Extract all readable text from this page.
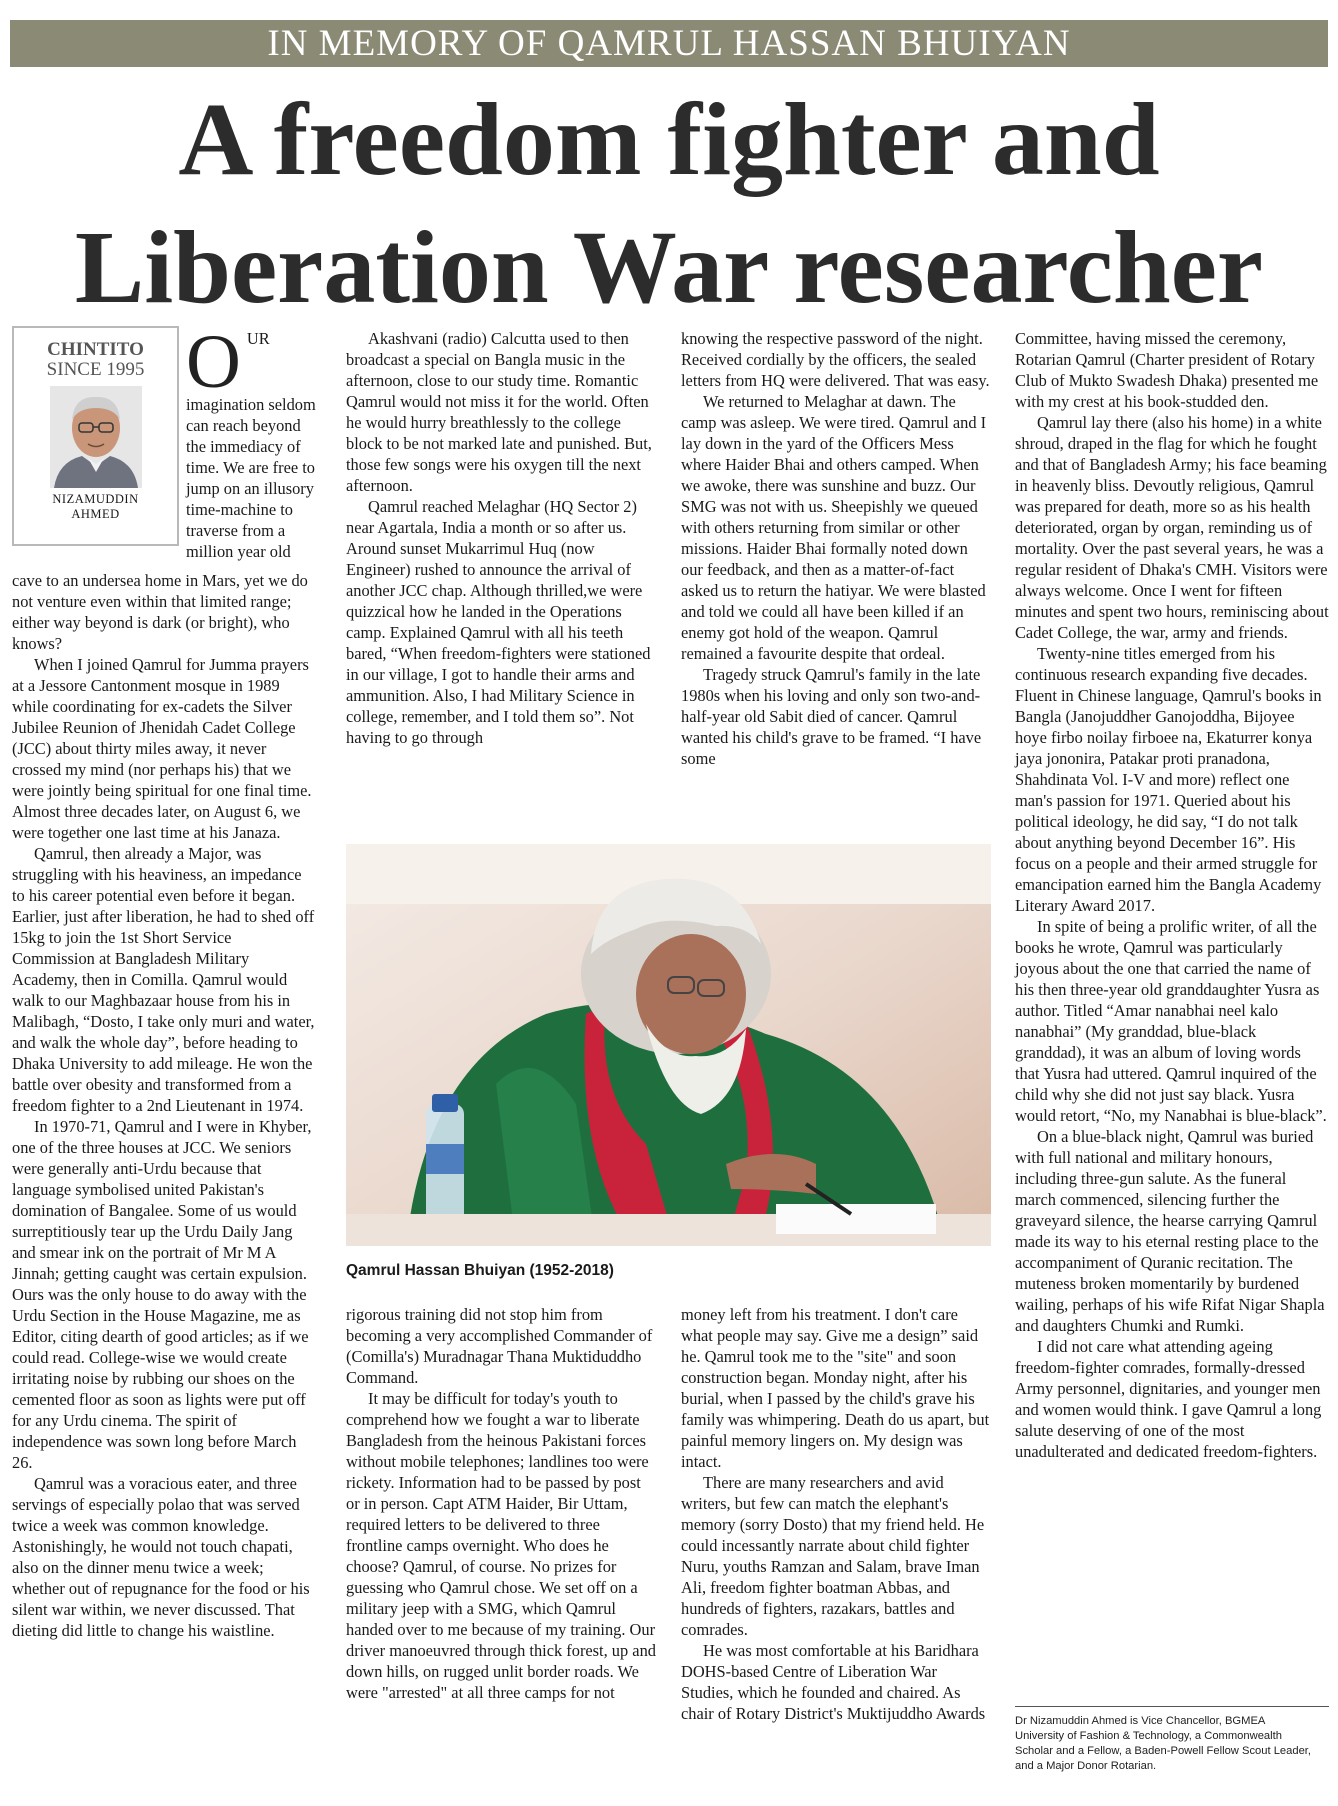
IN MEMORY OF QAMRUL HASSAN BHUIYAN
A freedom fighter and
Liberation War researcher
CHINTITO
SINCE 1995
NIZAMUDDIN
AHMED
OUR imagination seldom can reach beyond the immediacy of time. We are free to jump on an illusory time-machine to traverse from a million year old

cave to an undersea home in Mars, yet we do not venture even within that limited range; either way beyond is dark (or bright), who knows?

When I joined Qamrul for Jumma prayers at a Jessore Cantonment mosque in 1989 while coordinating for ex-cadets the Silver Jubilee Reunion of Jhenidah Cadet College (JCC) about thirty miles away, it never crossed my mind (nor perhaps his) that we were jointly being spiritual for one final time. Almost three decades later, on August 6, we were together one last time at his Janaza.

Qamrul, then already a Major, was struggling with his heaviness, an impedance to his career potential even before it began. Earlier, just after liberation, he had to shed off 15kg to join the 1st Short Service Commission at Bangladesh Military Academy, then in Comilla. Qamrul would walk to our Maghbazaar house from his in Malibagh, “Dosto, I take only muri and water, and walk the whole day”, before heading to Dhaka University to add mileage. He won the battle over obesity and transformed from a freedom fighter to a 2nd Lieutenant in 1974.

In 1970-71, Qamrul and I were in Khyber, one of the three houses at JCC. We seniors were generally anti-Urdu because that language symbolised united Pakistan's domination of Bangalee. Some of us would surreptitiously tear up the Urdu Daily Jang and smear ink on the portrait of Mr M A Jinnah; getting caught was certain expulsion. Ours was the only house to do away with the Urdu Section in the House Magazine, me as Editor, citing dearth of good articles; as if we could read. College-wise we would create irritating noise by rubbing our shoes on the cemented floor as soon as lights were put off for any Urdu cinema. The spirit of independence was sown long before March 26.

Qamrul was a voracious eater, and three servings of especially polao that was served twice a week was common knowledge. Astonishingly, he would not touch chapati, also on the dinner menu twice a week; whether out of repugnance for the food or his silent war within, we never discussed. That dieting did little to change his waistline.

Akashvani (radio) Calcutta used to then broadcast a special on Bangla music in the afternoon, close to our study time. Romantic Qamrul would not miss it for the world. Often he would hurry breathlessly to the college block to be not marked late and punished. But, those few songs were his oxygen till the next afternoon.

Qamrul reached Melaghar (HQ Sector 2) near Agartala, India a month or so after us. Around sunset Mukarrimul Huq (now Engineer) rushed to announce the arrival of another JCC chap. Although thrilled,we were quizzical how he landed in the Operations camp. Explained Qamrul with all his teeth bared, “When freedom-fighters were stationed in our village, I got to handle their arms and ammunition. Also, I had Military Science in college, remember, and I told them so”. Not having to go through

knowing the respective password of the night. Received cordially by the officers, the sealed letters from HQ were delivered. That was easy.

We returned to Melaghar at dawn. The camp was asleep. We were tired. Qamrul and I lay down in the yard of the Officers Mess where Haider Bhai and others camped. When we awoke, there was sunshine and buzz. Our SMG was not with us. Sheepishly we queued with others returning from similar or other missions. Haider Bhai formally noted down our feedback, and then as a matter-of-fact asked us to return the hatiyar. We were blasted and told we could all have been killed if an enemy got hold of the weapon. Qamrul remained a favourite despite that ordeal.

Tragedy struck Qamrul's family in the late 1980s when his loving and only son two-and-half-year old Sabit died of cancer. Qamrul wanted his child's grave to be framed. “I have some

Qamrul Hassan Bhuiyan (1952-2018)

rigorous training did not stop him from becoming a very accomplished Commander of (Comilla's) Muradnagar Thana Muktiduddho Command.

It may be difficult for today's youth to comprehend how we fought a war to liberate Bangladesh from the heinous Pakistani forces without mobile telephones; landlines too were rickety. Information had to be passed by post or in person. Capt ATM Haider, Bir Uttam, required letters to be delivered to three frontline camps overnight. Who does he choose? Qamrul, of course. No prizes for guessing who Qamrul chose. We set off on a military jeep with a SMG, which Qamrul handed over to me because of my training. Our driver manoeuvred through thick forest, up and down hills, on rugged unlit border roads. We were "arrested" at all three camps for not

money left from his treatment. I don't care what people may say. Give me a design” said he. Qamrul took me to the "site" and soon construction began. Monday night, after his burial, when I passed by the child's grave his family was whimpering. Death do us apart, but painful memory lingers on. My design was intact.

There are many researchers and avid writers, but few can match the elephant's memory (sorry Dosto) that my friend held. He could incessantly narrate about child fighter Nuru, youths Ramzan and Salam, brave Iman Ali, freedom fighter boatman Abbas, and hundreds of fighters, razakars, battles and comrades.

He was most comfortable at his Baridhara DOHS-based Centre of Liberation War Studies, which he founded and chaired. As chair of Rotary District's Muktijuddho Awards

Committee, having missed the ceremony, Rotarian Qamrul (Charter president of Rotary Club of Mukto Swadesh Dhaka) presented me with my crest at his book-studded den.

Qamrul lay there (also his home) in a white shroud, draped in the flag for which he fought and that of Bangladesh Army; his face beaming in heavenly bliss. Devoutly religious, Qamrul was prepared for death, more so as his health deteriorated, organ by organ, reminding us of mortality. Over the past several years, he was a regular resident of Dhaka's CMH. Visitors were always welcome. Once I went for fifteen minutes and spent two hours, reminiscing about Cadet College, the war, army and friends.

Twenty-nine titles emerged from his continuous research expanding five decades. Fluent in Chinese language, Qamrul's books in Bangla (Janojuddher Ganojoddha, Bijoyee hoye firbo noilay firboee na, Ekaturrer konya jaya jononira, Patakar proti pranadona, Shahdinata Vol. I-V and more) reflect one man's passion for 1971. Queried about his political ideology, he did say, “I do not talk about anything beyond December 16”. His focus on a people and their armed struggle for emancipation earned him the Bangla Academy Literary Award 2017.

In spite of being a prolific writer, of all the books he wrote, Qamrul was particularly joyous about the one that carried the name of his then three-year old granddaughter Yusra as author. Titled “Amar nanabhai neel kalo nanabhai” (My granddad, blue-black granddad), it was an album of loving words that Yusra had uttered. Qamrul inquired of the child why she did not just say black. Yusra would retort, “No, my Nanabhai is blue-black”.

On a blue-black night, Qamrul was buried with full national and military honours, including three-gun salute. As the funeral march commenced, silencing further the graveyard silence, the hearse carrying Qamrul made its way to his eternal resting place to the accompaniment of Quranic recitation. The muteness broken momentarily by burdened wailing, perhaps of his wife Rifat Nigar Shapla and daughters Chumki and Rumki.

I did not care what attending ageing freedom-fighter comrades, formally-dressed Army personnel, dignitaries, and younger men and women would think. I gave Qamrul a long salute deserving of one of the most unadulterated and dedicated freedom-fighters.

Dr Nizamuddin Ahmed is Vice Chancellor, BGMEA University of Fashion & Technology, a Commonwealth Scholar and a Fellow, a Baden-Powell Fellow Scout Leader, and a Major Donor Rotarian.
